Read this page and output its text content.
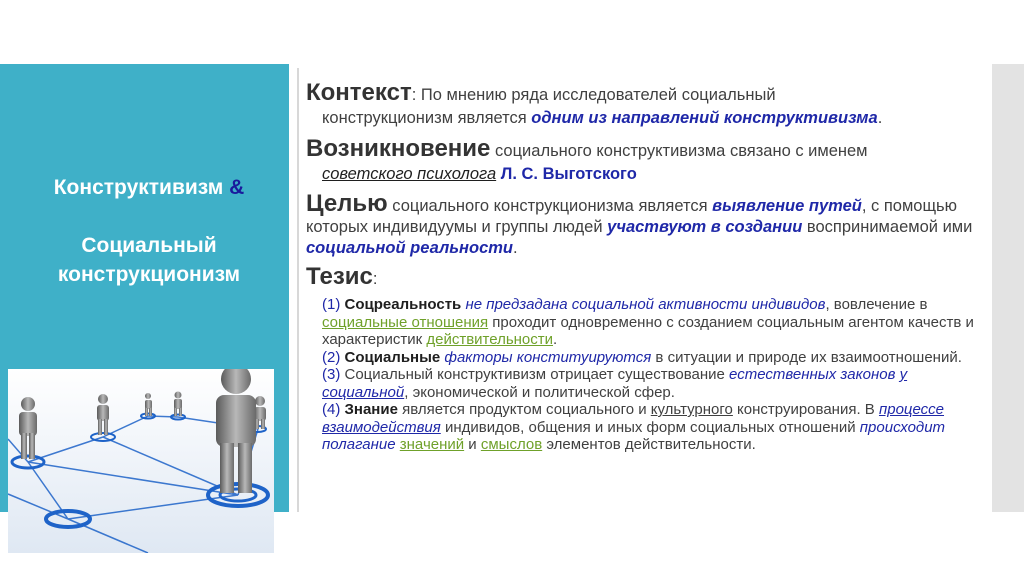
Конструктивизм &

Социальный
конструкционизм

Контекст: По мнению ряда исследователей социальный
конструкционизм является одним из направлений конструктивизма.

Возникновение социального конструктивизма связано с именем
советского психолога Л. С. Выготского

Целью социального конструкционизма является выявление путей, с помощью которых индивидуумы и группы людей участвуют в создании воспринимаемой ими социальной реальности.

Тезис:

(1) Соцреальность не предзадана социальной активности индивидов, вовлечение в социальные отношения проходит одновременно с созданием социальным агентом качеств и характеристик действительности.
(2) Социальные факторы конституируются в ситуации и природе их взаимоотношений.
(3) Социальный конструктивизм отрицает существование естественных законов у социальной, экономической и политической сфер.
(4) Знание является продуктом социального и культурного конструирования. В процессе взаимодействия индивидов, общения и иных форм социальных отношений происходит полагание значений и смыслов элементов действительности.
